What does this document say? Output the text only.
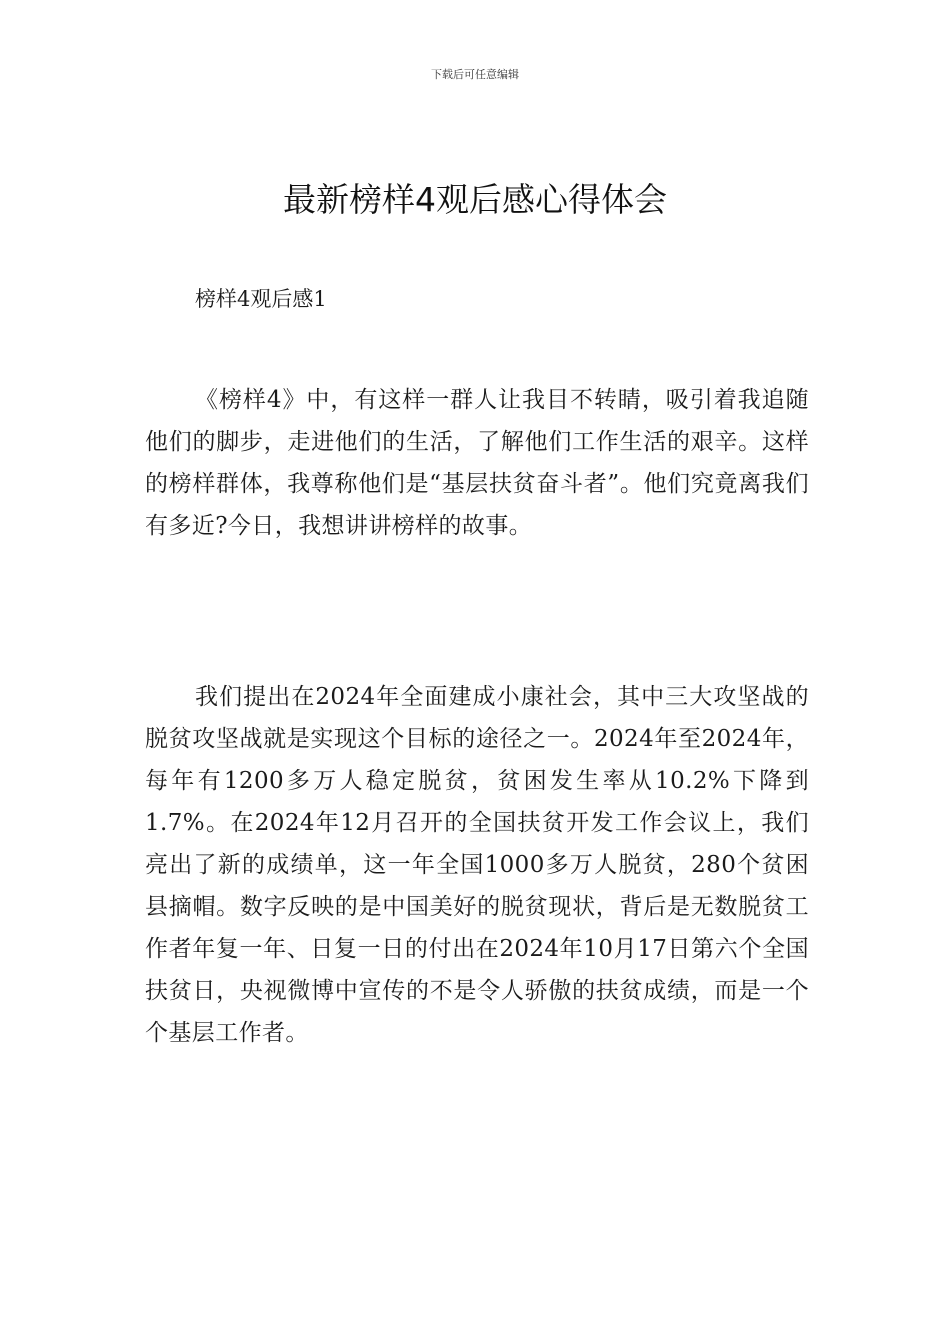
下载后可任意编辑
最新榜样4观后感心得体会
榜样4观后感1

《榜样4》中，有这样一群人让我目不转睛，吸引着我追随他们的脚步，走进他们的生活，了解他们工作生活的艰辛。这样的榜样群体，我尊称他们是“基层扶贫奋斗者”。他们究竟离我们有多近?今日，我想讲讲榜样的故事。

我们提出在2024年全面建成小康社会，其中三大攻坚战的脱贫攻坚战就是实现这个目标的途径之一。2024年至2024年，每年有1200多万人稳定脱贫，贫困发生率从10.2%下降到1.7%。在2024年12月召开的全国扶贫开发工作会议上，我们亮出了新的成绩单，这一年全国1000多万人脱贫，280个贫困县摘帽。数字反映的是中国美好的脱贫现状，背后是无数脱贫工作者年复一年、日复一日的付出在2024年10月17日第六个全国扶贫日，央视微博中宣传的不是令人骄傲的扶贫成绩，而是一个个基层工作者。
